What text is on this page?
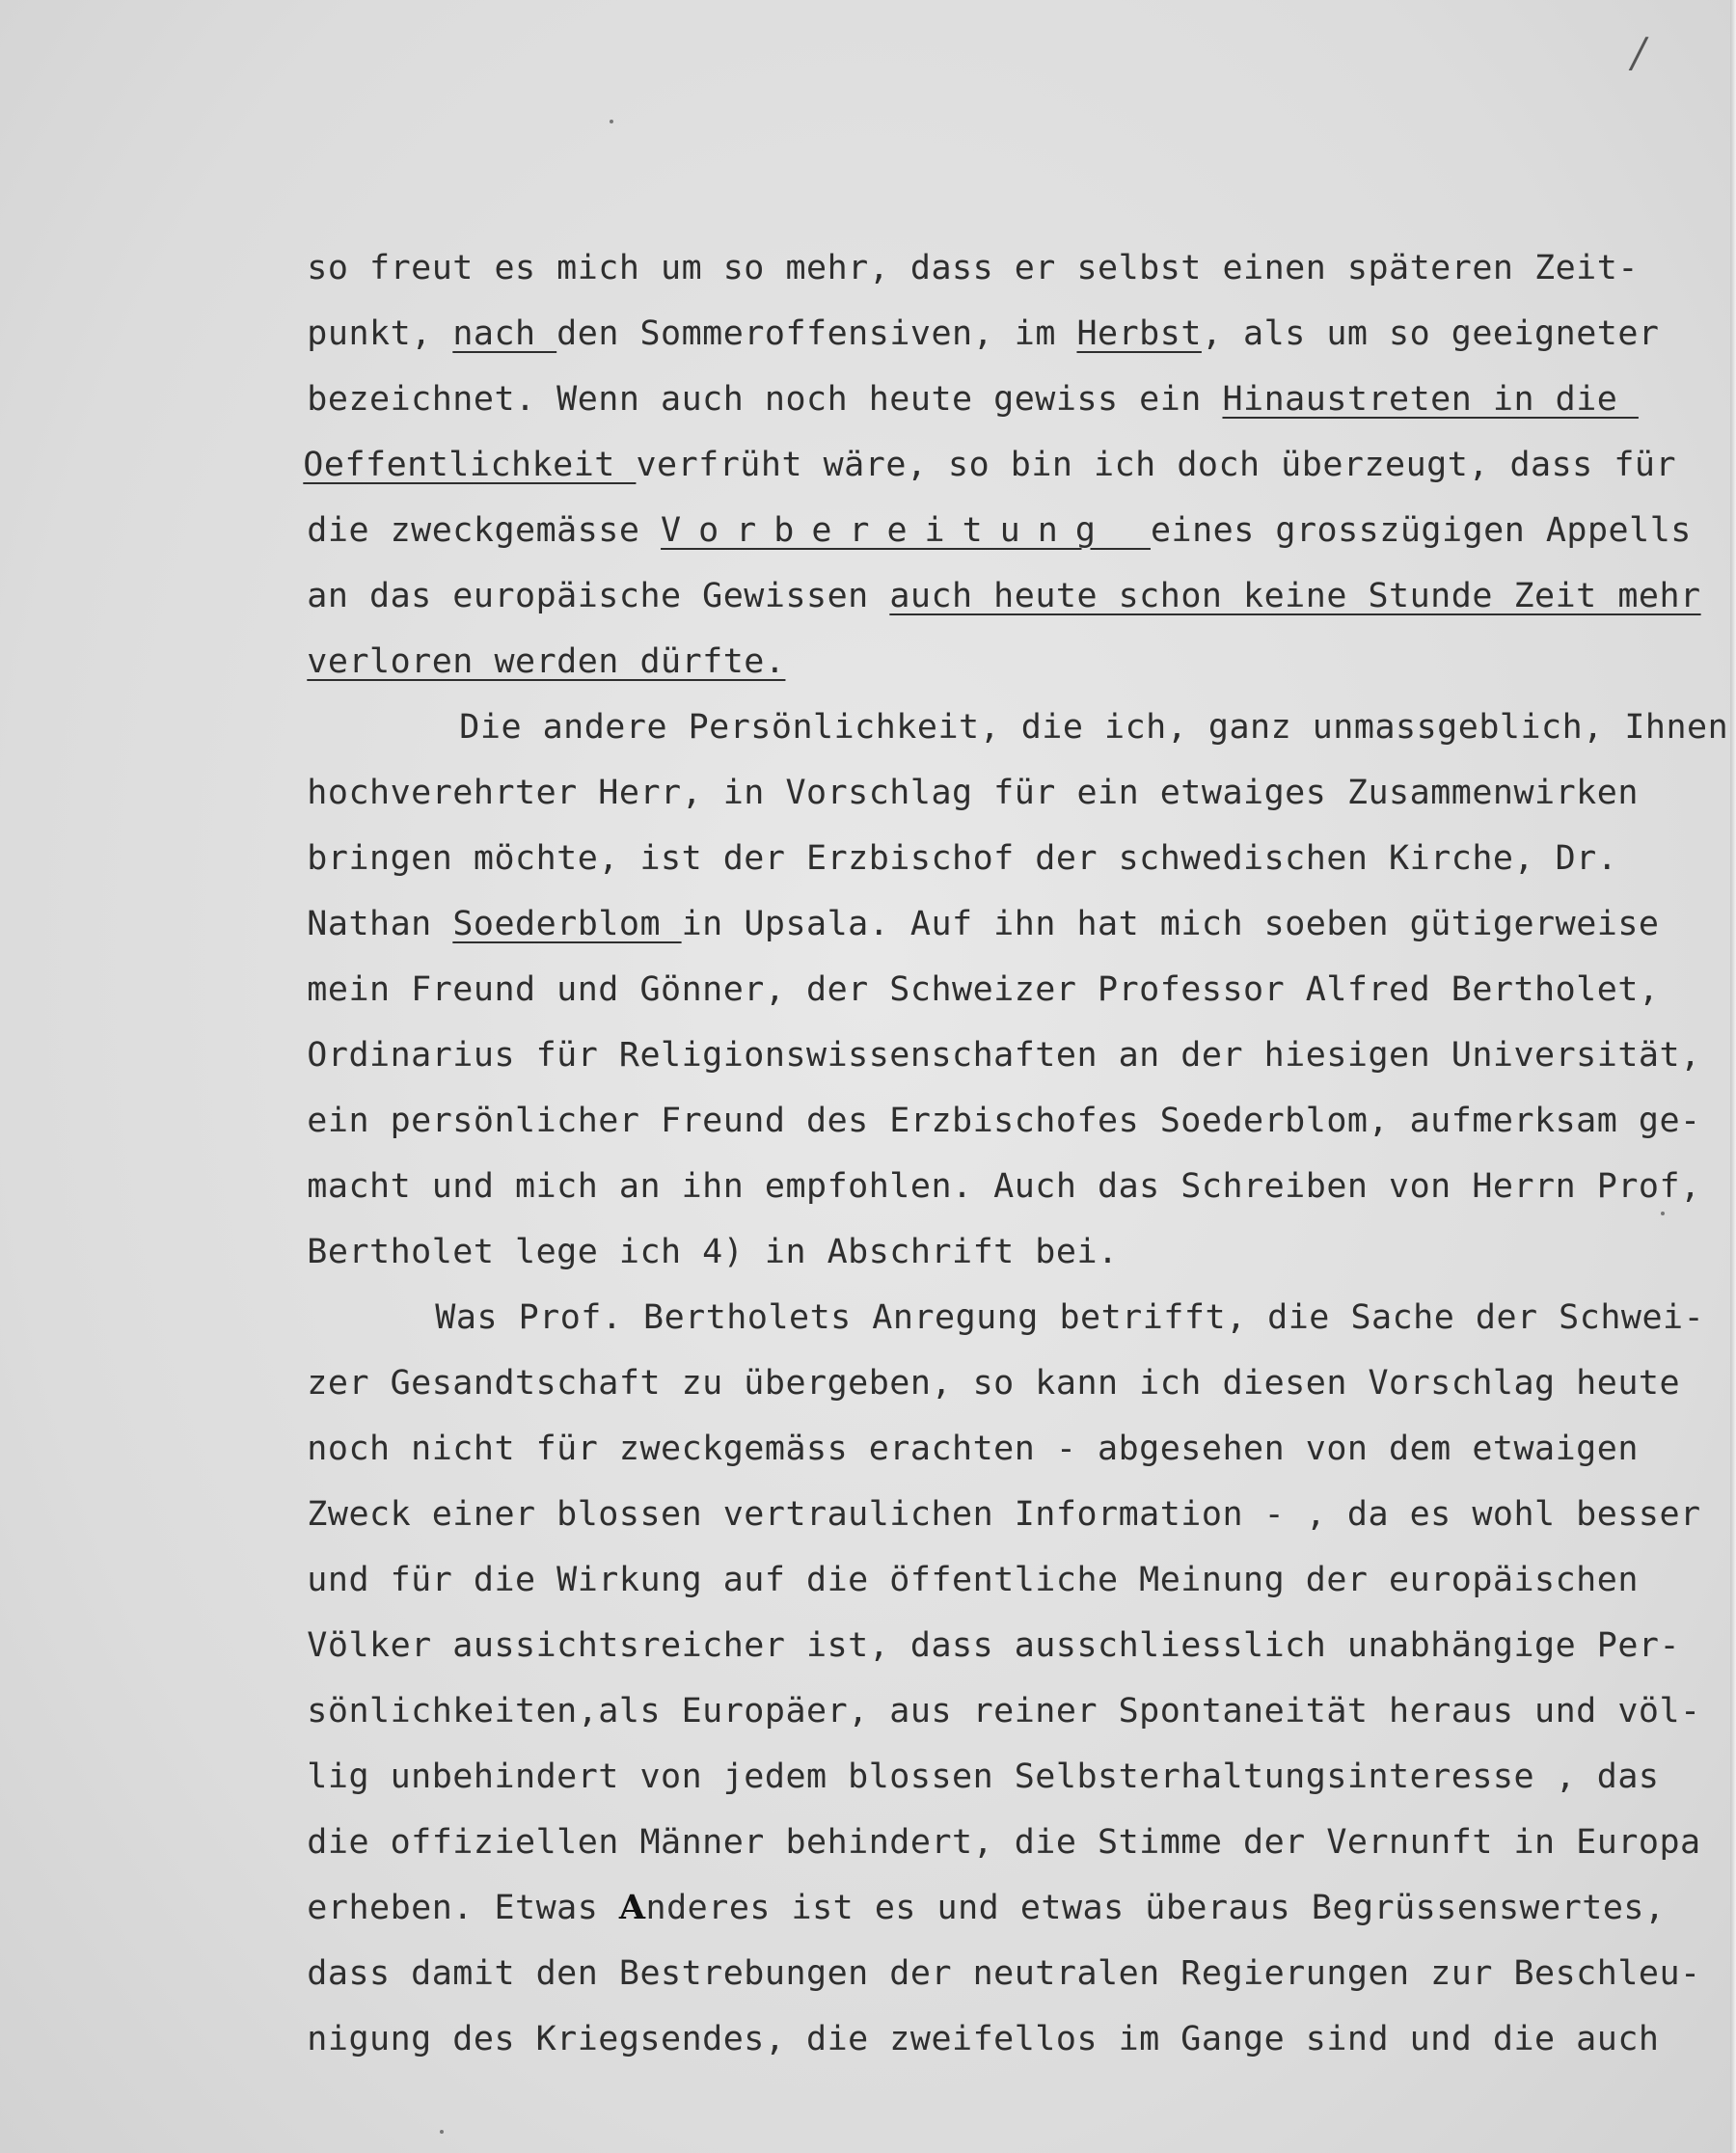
/

so freut es mich um so mehr, dass er selbst einen späteren Zeit-

punkt, nach den Sommeroffensiven, im Herbst, als um so geeigneter

bezeichnet. Wenn auch noch heute gewiss ein Hinaustreten in die

Oeffentlichkeit verfrüht wäre, so bin ich doch überzeugt, dass für

die zweckgemässe Vorbereitung eines grosszügigen Appells

an das europäische Gewissen auch heute schon keine Stunde Zeit mehr

verloren werden dürfte.

Die andere Persönlichkeit, die ich, ganz unmassgeblich, Ihnen

hochverehrter Herr, in Vorschlag für ein etwaiges Zusammenwirken

bringen möchte, ist der Erzbischof der schwedischen Kirche, Dr.

Nathan Soederblom in Upsala. Auf ihn hat mich soeben gütigerweise

mein Freund und Gönner, der Schweizer Professor Alfred Bertholet,

Ordinarius für Religionswissenschaften an der hiesigen Universität,

ein persönlicher Freund des Erzbischofes Soederblom, aufmerksam ge-

macht und mich an ihn empfohlen. Auch das Schreiben von Herrn Prof,

Bertholet lege ich 4) in Abschrift bei.

Was Prof. Bertholets Anregung betrifft, die Sache der Schwei-

zer Gesandtschaft zu übergeben, so kann ich diesen Vorschlag heute

noch nicht für zweckgemäss erachten - abgesehen von dem etwaigen

Zweck einer blossen vertraulichen Information - , da es wohl besser

und für die Wirkung auf die öffentliche Meinung der europäischen

Völker aussichtsreicher ist, dass ausschliesslich unabhängige Per-

sönlichkeiten,als Europäer, aus reiner Spontaneität heraus und völ-

lig unbehindert von jedem blossen Selbsterhaltungsinteresse , das

die offiziellen Männer behindert, die Stimme der Vernunft in Europa

erheben. Etwas Anderes ist es und etwas überaus Begrüssenswertes,

dass damit den Bestrebungen der neutralen Regierungen zur Beschleu-

nigung des Kriegsendes, die zweifellos im Gange sind und die auch
